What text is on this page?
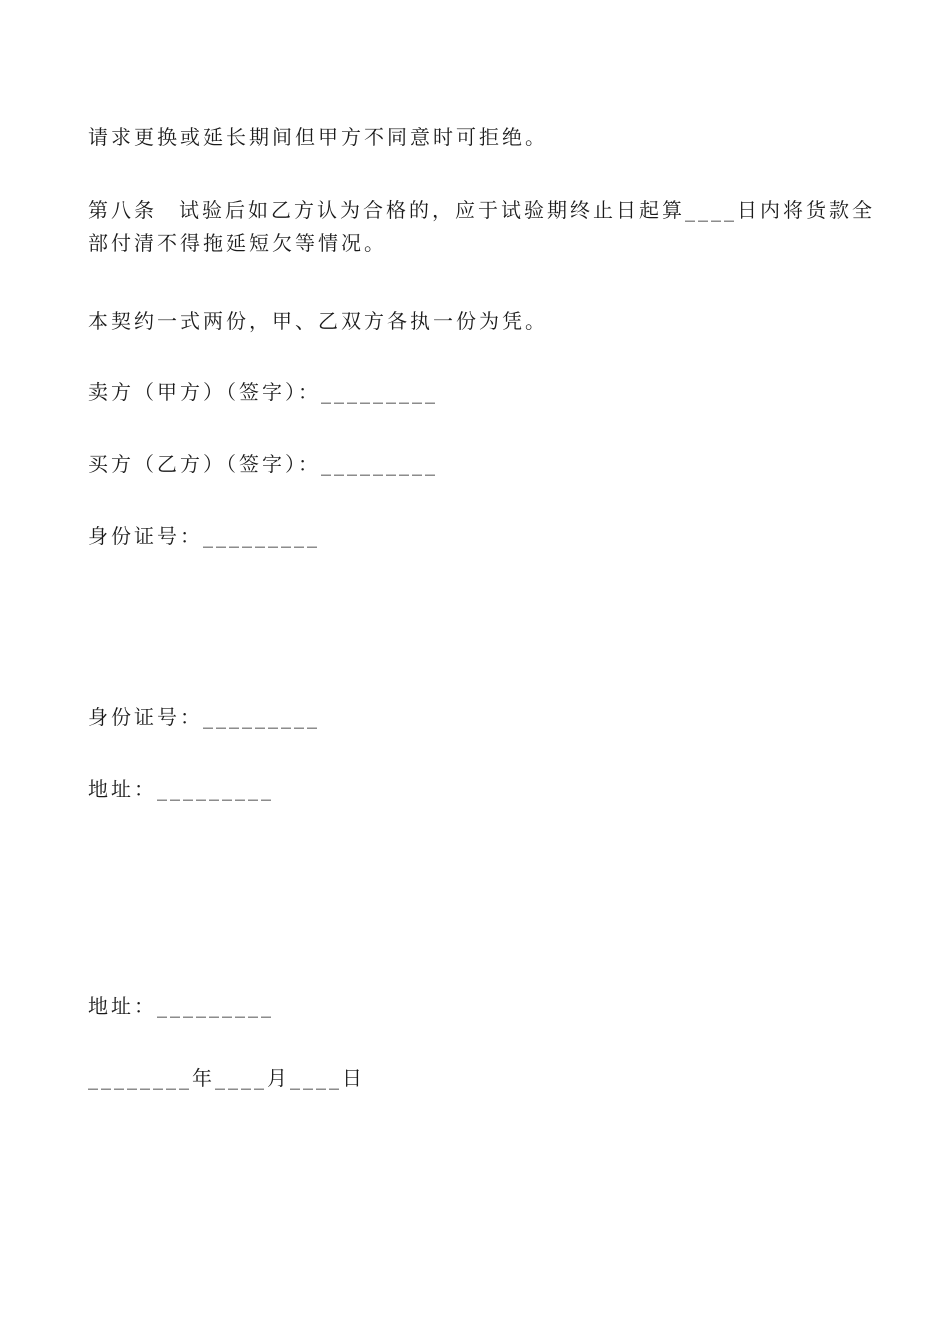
请求更换或延长期间但甲方不同意时可拒绝。
第八条 试验后如乙方认为合格的，应于试验期终止日起算____日内将货款全
部付清不得拖延短欠等情况。
本契约一式两份，甲、乙双方各执一份为凭。
卖方（甲方）（签字）：_________
买方（乙方）（签字）：_________
身份证号：_________
身份证号：_________
地址：_________
地址：_________
________年____月____日
